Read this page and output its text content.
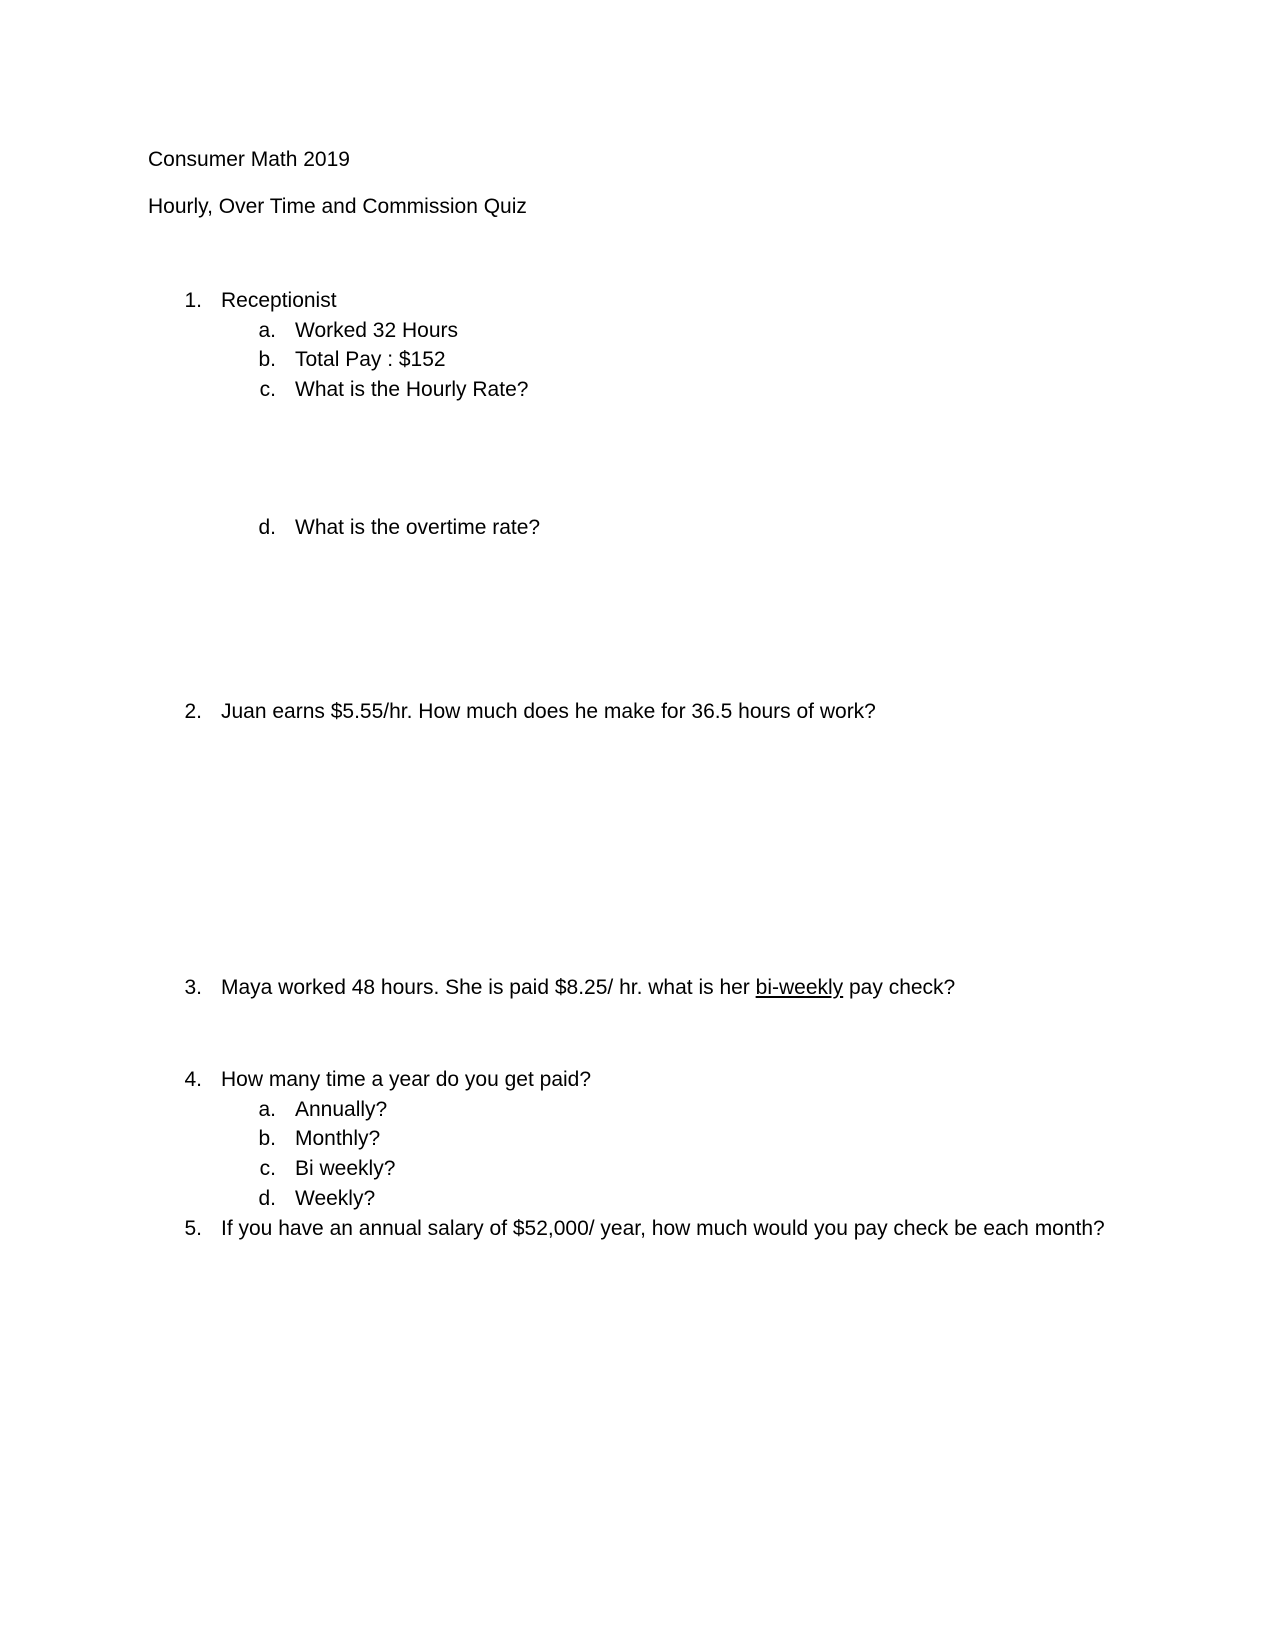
Consumer Math 2019
Hourly, Over Time and Commission Quiz
1. Receptionist
a. Worked 32 Hours
b. Total Pay : $152
c. What is the Hourly Rate?
d. What is the overtime rate?
2. Juan earns $5.55/hr. How much does he make for 36.5 hours of work?
3. Maya worked 48 hours. She is paid $8.25/ hr. what is her bi-weekly pay check?
4. How many time a year do you get paid?
a. Annually?
b. Monthly?
c. Bi weekly?
d. Weekly?
5. If you have an annual salary of $52,000/ year, how much would you pay check be each month?
